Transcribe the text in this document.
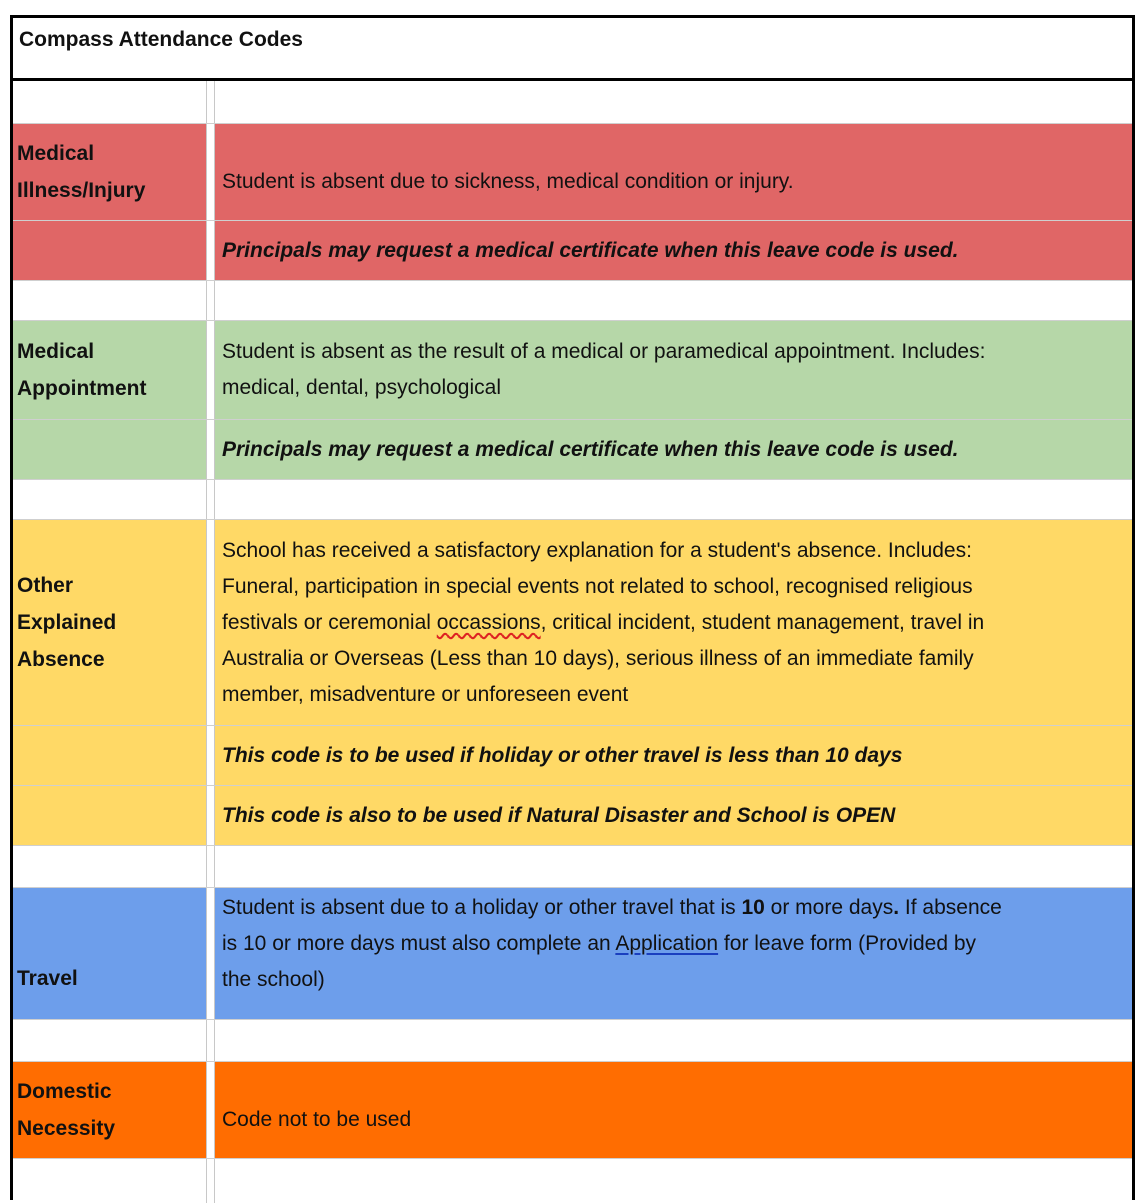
Compass Attendance Codes
Medical
Illness/Injury	Student is absent due to sickness, medical condition or injury.
Principals may request a medical certificate when this leave code is used.
Medical
Appointment
Student is absent as the result of a medical or paramedical appointment. Includes:
medical, dental, psychological
Principals may request a medical certificate when this leave code is used.
Other
Explained
Absence
School has received a satisfactory explanation for a student's absence. Includes:
Funeral, participation in special events not related to school, recognised religious
festivals or ceremonial occassions, critical incident, student management, travel in
Australia or Overseas (Less than 10 days), serious illness of an immediate family
member, misadventure or unforeseen event
This code is to be used if holiday or other travel is less than 10 days
This code is also to be used if Natural Disaster and School is OPEN
Travel
Student is absent due to a holiday or other travel that is 10 or more days. If absence
is 10 or more days must also complete an Application for leave form (Provided by
the school)
Domestic
Necessity	Code not to be used
